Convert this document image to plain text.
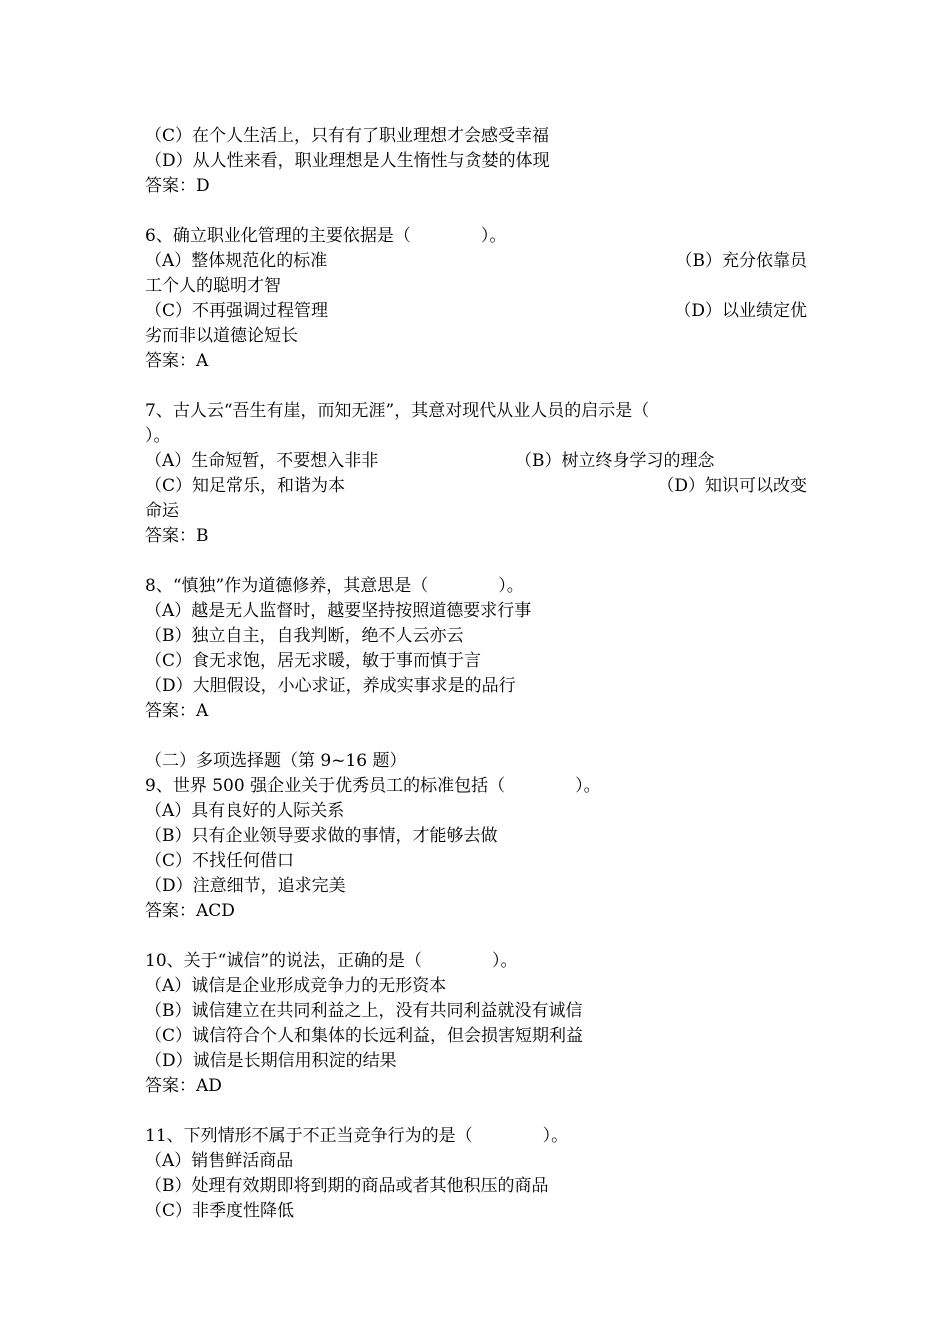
（C）在个人生活上，只有有了职业理想才会感受幸福
（D）从人性来看，职业理想是人生惰性与贪婪的体现
答案：D
6、确立职业化管理的主要依据是（	）。
（A）整体规范化的标准	（B）充分依靠员
工个人的聪明才智
（C）不再强调过程管理	（D）以业绩定优
劣而非以道德论短长
答案：A
7、古人云“吾生有崖，而知无涯”，其意对现代从业人员的启示是（
）。
（A）生命短暂，不要想入非非	（B）树立终身学习的理念
（C）知足常乐，和谐为本	（D）知识可以改变
命运
答案：B
8、“慎独”作为道德修养，其意思是（	）。
（A）越是无人监督时，越要坚持按照道德要求行事
（B）独立自主，自我判断，绝不人云亦云
（C）食无求饱，居无求暖，敏于事而慎于言
（D）大胆假设，小心求证，养成实事求是的品行
答案：A
（二）多项选择题（第 9~16 题）
9、世界 500 强企业关于优秀员工的标准包括（	）。
（A）具有良好的人际关系
（B）只有企业领导要求做的事情，才能够去做
（C）不找任何借口
（D）注意细节，追求完美
答案：ACD
10、关于“诚信”的说法，正确的是（	）。
（A）诚信是企业形成竞争力的无形资本
（B）诚信建立在共同利益之上，没有共同利益就没有诚信
（C）诚信符合个人和集体的长远利益，但会损害短期利益
（D）诚信是长期信用积淀的结果
答案：AD
11、下列情形不属于不正当竞争行为的是（	）。
（A）销售鲜活商品
（B）处理有效期即将到期的商品或者其他积压的商品
（C）非季度性降低
